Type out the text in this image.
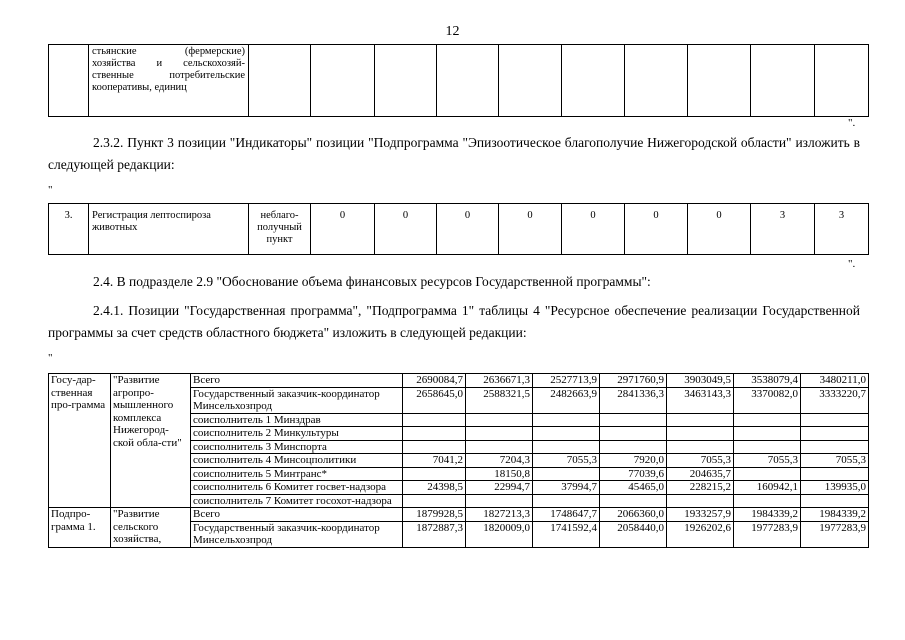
12
	стьянские (фермерские) хозяйства и сельскохозяй-ственные потребительские кооперативы, единиц										
".
2.3.2. Пункт 3 позиции "Индикаторы" позиции "Подпрограмма "Эпизоотическое благополучие Нижегородской области" изложить в следующей редакции:
"
3.	Регистрация лептоспироза животных	неблаго-получный пункт	0	0	0	0	0	0	0	3	3
".
2.4. В подразделе 2.9 "Обоснование объема финансовых ресурсов Государственной программы":
2.4.1. Позиции "Государственная программа", "Подпрограмма 1" таблицы 4 "Ресурсное обеспечение реализации Государственной программы за счет средств областного бюджета" изложить в следующей редакции:
"
Госу-дар-ственная про-грамма	"Развитие агропро-мышленного комплекса Нижегород-ской обла-сти"	Всего	2690084,7	2636671,3	2527713,9	2971760,9	3903049,5	3538079,4	3480211,0
		Государственный заказчик-координатор Минсельхозпрод	2658645,0	2588321,5	2482663,9	2841336,3	3463143,3	3370082,0	3333220,7
		соисполнитель 1 Минздрав							
		соисполнитель 2 Минкультуры							
		соисполнитель 3 Минспорта							
		соисполнитель 4 Минсоцполитики	7041,2	7204,3	7055,3	7920,0	7055,3	7055,3	7055,3
		соисполнитель 5 Минтранс*		18150,8		77039,6	204635,7		
		соисполнитель 6 Комитет госвет-надзора	24398,5	22994,7	37994,7	45465,0	228215,2	160942,1	139935,0
		соисполнитель 7 Комитет госохот-надзора							
Подпро-грамма 1.	"Развитие сельского хозяйства,	Всего	1879928,5	1827213,3	1748647,7	2066360,0	1933257,9	1984339,2	1984339,2
		Государственный заказчик-координатор Минсельхозпрод	1872887,3	1820009,0	1741592,4	2058440,0	1926202,6	1977283,9	1977283,9
